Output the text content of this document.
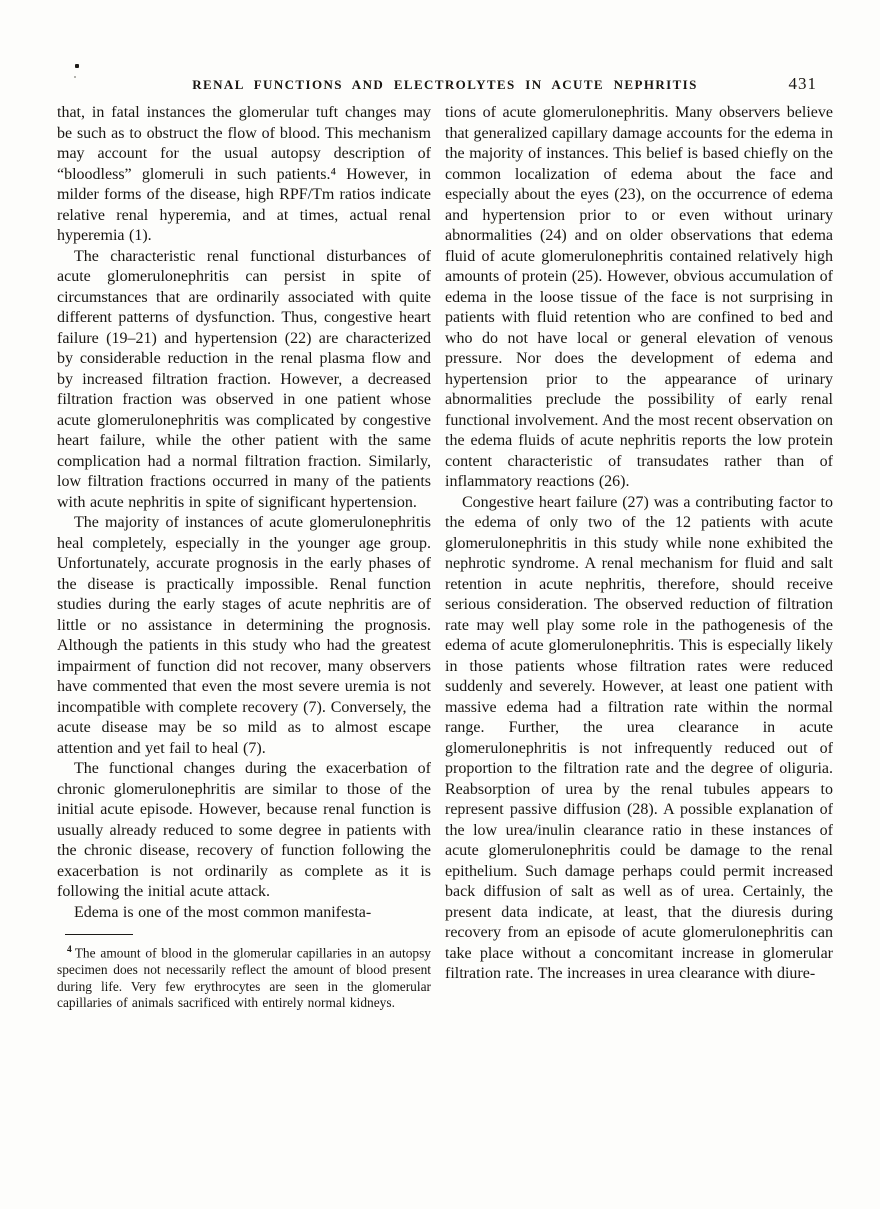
RENAL FUNCTIONS AND ELECTROLYTES IN ACUTE NEPHRITIS	431

that, in fatal instances the glomerular tuft changes may be such as to obstruct the flow of blood. This mechanism may account for the usual autopsy description of “bloodless” glomeruli in such patients.⁴ However, in milder forms of the disease, high RPF/Tm ratios indicate relative renal hyperemia, and at times, actual renal hyperemia (1).

The characteristic renal functional disturbances of acute glomerulonephritis can persist in spite of circumstances that are ordinarily associated with quite different patterns of dysfunction. Thus, congestive heart failure (19–21) and hypertension (22) are characterized by considerable reduction in the renal plasma flow and by increased filtration fraction. However, a decreased filtration fraction was observed in one patient whose acute glomerulonephritis was complicated by congestive heart failure, while the other patient with the same complication had a normal filtration fraction. Similarly, low filtration fractions occurred in many of the patients with acute nephritis in spite of significant hypertension.

The majority of instances of acute glomerulonephritis heal completely, especially in the younger age group. Unfortunately, accurate prognosis in the early phases of the disease is practically impossible. Renal function studies during the early stages of acute nephritis are of little or no assistance in determining the prognosis. Although the patients in this study who had the greatest impairment of function did not recover, many observers have commented that even the most severe uremia is not incompatible with complete recovery (7). Conversely, the acute disease may be so mild as to almost escape attention and yet fail to heal (7).

The functional changes during the exacerbation of chronic glomerulonephritis are similar to those of the initial acute episode. However, because renal function is usually already reduced to some degree in patients with the chronic disease, recovery of function following the exacerbation is not ordinarily as complete as it is following the initial acute attack.

Edema is one of the most common manifesta-

$^4$ The amount of blood in the glomerular capillaries in an autopsy specimen does not necessarily reflect the amount of blood present during life. Very few erythrocytes are seen in the glomerular capillaries of animals sacrificed with entirely normal kidneys.

tions of acute glomerulonephritis. Many observers believe that generalized capillary damage accounts for the edema in the majority of instances. This belief is based chiefly on the common localization of edema about the face and especially about the eyes (23), on the occurrence of edema and hypertension prior to or even without urinary abnormalities (24) and on older observations that edema fluid of acute glomerulonephritis contained relatively high amounts of protein (25). However, obvious accumulation of edema in the loose tissue of the face is not surprising in patients with fluid retention who are confined to bed and who do not have local or general elevation of venous pressure. Nor does the development of edema and hypertension prior to the appearance of urinary abnormalities preclude the possibility of early renal functional involvement. And the most recent observation on the edema fluids of acute nephritis reports the low protein content characteristic of transudates rather than of inflammatory reactions (26).

Congestive heart failure (27) was a contributing factor to the edema of only two of the 12 patients with acute glomerulonephritis in this study while none exhibited the nephrotic syndrome. A renal mechanism for fluid and salt retention in acute nephritis, therefore, should receive serious consideration. The observed reduction of filtration rate may well play some role in the pathogenesis of the edema of acute glomerulonephritis. This is especially likely in those patients whose filtration rates were reduced suddenly and severely. However, at least one patient with massive edema had a filtration rate within the normal range. Further, the urea clearance in acute glomerulonephritis is not infrequently reduced out of proportion to the filtration rate and the degree of oliguria. Reabsorption of urea by the renal tubules appears to represent passive diffusion (28). A possible explanation of the low urea/inulin clearance ratio in these instances of acute glomerulonephritis could be damage to the renal epithelium. Such damage perhaps could permit increased back diffusion of salt as well as of urea. Certainly, the present data indicate, at least, that the diuresis during recovery from an episode of acute glomerulonephritis can take place without a concomitant increase in glomerular filtration rate. The increases in urea clearance with diure-
